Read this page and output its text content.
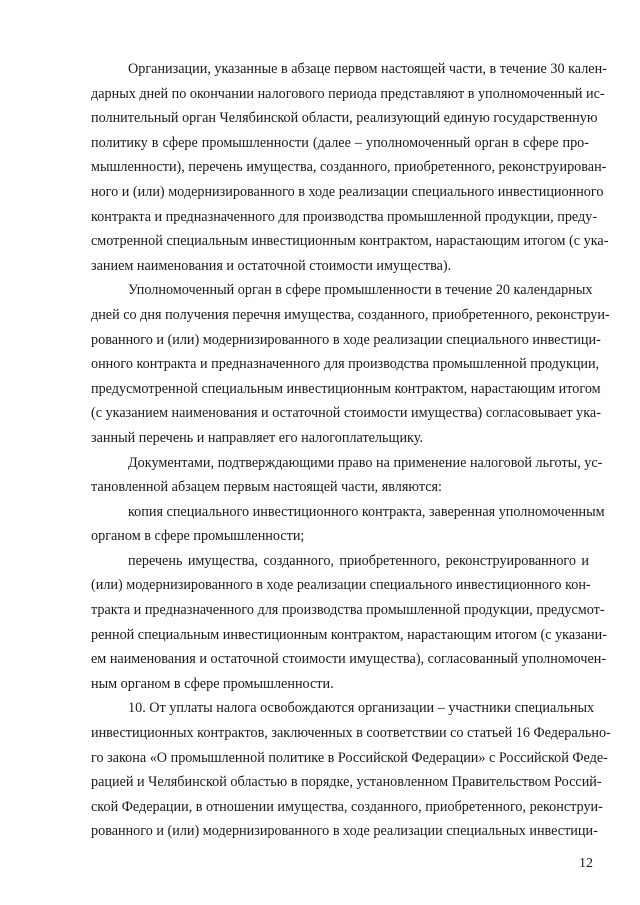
Организации, указанные в абзаце первом настоящей части, в течение 30 кален-
дарных дней по окончании налогового периода представляют в уполномоченный ис-
полнительный орган Челябинской области, реализующий единую государственную
политику в сфере промышленности (далее – уполномоченный орган в сфере про-
мышленности), перечень имущества, созданного, приобретенного, реконструирован-
ного и (или) модернизированного в ходе реализации специального инвестиционного
контракта и предназначенного для производства промышленной продукции, преду-
смотренной специальным инвестиционным контрактом, нарастающим итогом (с ука-
занием наименования и остаточной стоимости имущества).
Уполномоченный орган в сфере промышленности в течение 20 календарных
дней со дня получения перечня имущества, созданного, приобретенного, реконструи-
рованного и (или) модернизированного в ходе реализации специального инвестици-
онного контракта и предназначенного для производства промышленной продукции,
предусмотренной специальным инвестиционным контрактом, нарастающим итогом
(с указанием наименования и остаточной стоимости имущества) согласовывает ука-
занный перечень и направляет его налогоплательщику.
Документами, подтверждающими право на применение налоговой льготы, ус-
тановленной абзацем первым настоящей части, являются:
копия специального инвестиционного контракта, заверенная уполномоченным
органом в сфере промышленности;
перечень имущества, созданного, приобретенного, реконструированного и
(или) модернизированного в ходе реализации специального инвестиционного кон-
тракта и предназначенного для производства промышленной продукции, предусмот-
ренной специальным инвестиционным контрактом, нарастающим итогом (с указани-
ем наименования и остаточной стоимости имущества), согласованный уполномочен-
ным органом в сфере промышленности.
10. От уплаты налога освобождаются организации – участники специальных
инвестиционных контрактов, заключенных в соответствии со статьей 16 Федерально-
го закона «О промышленной политике в Российской Федерации» с Российской Феде-
рацией и Челябинской областью в порядке, установленном Правительством Россий-
ской Федерации, в отношении имущества, созданного, приобретенного, реконструи-
рованного и (или) модернизированного в ходе реализации специальных инвестици-
12
